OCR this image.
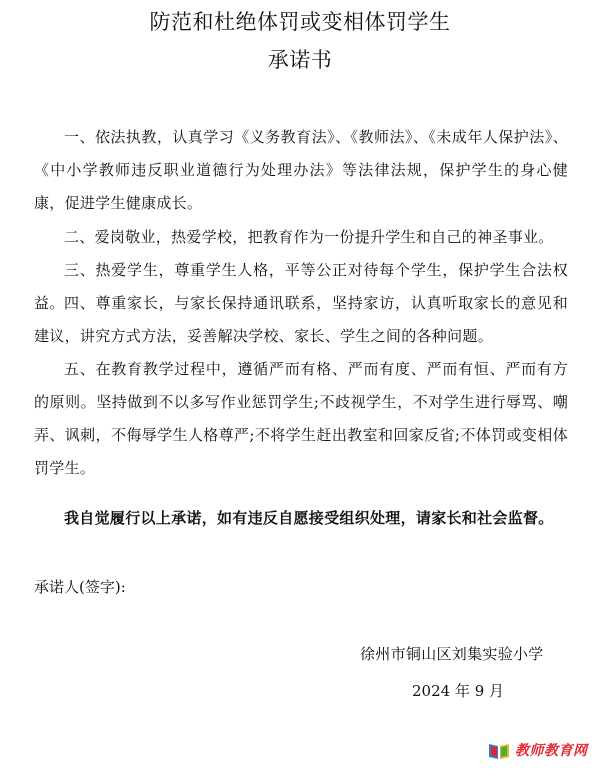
防范和杜绝体罚或变相体罚学生
承诺书
一、依法执教，认真学习《义务教育法》、《教师法》、《未成年人保护法》、《中小学教师违反职业道德行为处理办法》等法律法规，保护学生的身心健康，促进学生健康成长。
二、爱岗敬业，热爱学校，把教育作为一份提升学生和自己的神圣事业。
三、热爱学生，尊重学生人格，平等公正对待每个学生，保护学生合法权益。 四、尊重家长，与家长保持通讯联系，坚持家访，认真听取家长的意见和建议，讲究方式方法，妥善解决学校、家长、学生之间的各种问题。
五、在教育教学过程中，遵循严而有格、严而有度、严而有恒、严而有方的原则。坚持做到不以多写作业惩罚学生;不歧视学生，不对学生进行辱骂、嘲弄、讽刺，不侮辱学生人格尊严;不将学生赶出教室和回家反省;不体罚或变相体罚学生。
我自觉履行以上承诺，如有违反自愿接受组织处理，请家长和社会监督。
承诺人(签字):
徐州市铜山区刘集实验小学
2024 年 9 月
教师教育网
